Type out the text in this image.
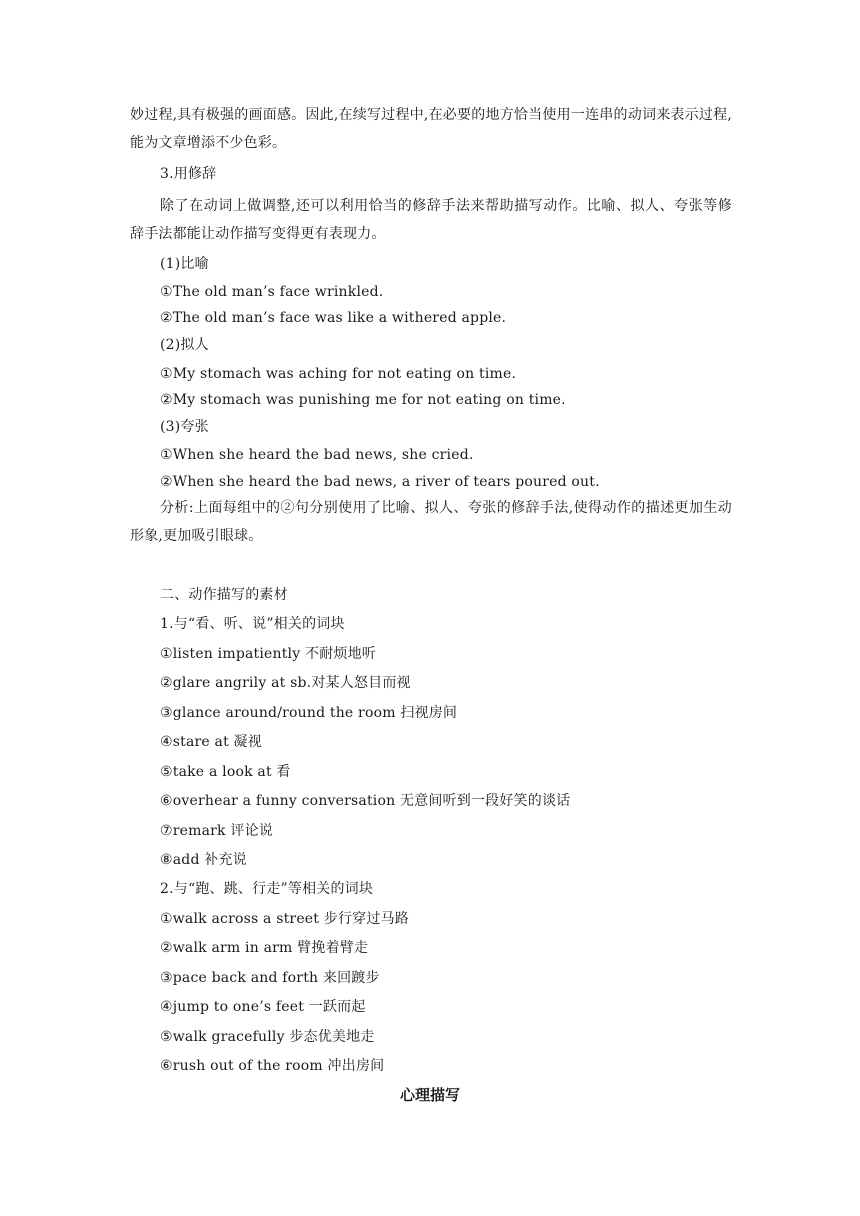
妙过程,具有极强的画面感。因此,在续写过程中,在必要的地方恰当使用一连串的动词来表示过程,能为文章增添不少色彩。
3.用修辞
除了在动词上做调整,还可以利用恰当的修辞手法来帮助描写动作。比喻、拟人、夸张等修辞手法都能让动作描写变得更有表现力。
(1)比喻
①The old man’s face wrinkled.
②The old man’s face was like a withered apple.
(2)拟人
①My stomach was aching for not eating on time.
②My stomach was punishing me for not eating on time.
(3)夸张
①When she heard the bad news, she cried.
②When she heard the bad news, a river of tears poured out.
分析:上面每组中的②句分别使用了比喻、拟人、夸张的修辞手法,使得动作的描述更加生动形象,更加吸引眼球。
二、动作描写的素材
1.与“看、听、说”相关的词块
①listen impatiently 不耐烦地听
②glare angrily at sb.对某人怒目而视
③glance around/round the room 扫视房间
④stare at 凝视
⑤take a look at 看
⑥overhear a funny conversation 无意间听到一段好笑的谈话
⑦remark 评论说
⑧add 补充说
2.与“跑、跳、行走”等相关的词块
①walk across a street 步行穿过马路
②walk arm in arm 臂挽着臂走
③pace back and forth 来回踱步
④jump to one’s feet 一跃而起
⑤walk gracefully 步态优美地走
⑥rush out of the room 冲出房间
心理描写
